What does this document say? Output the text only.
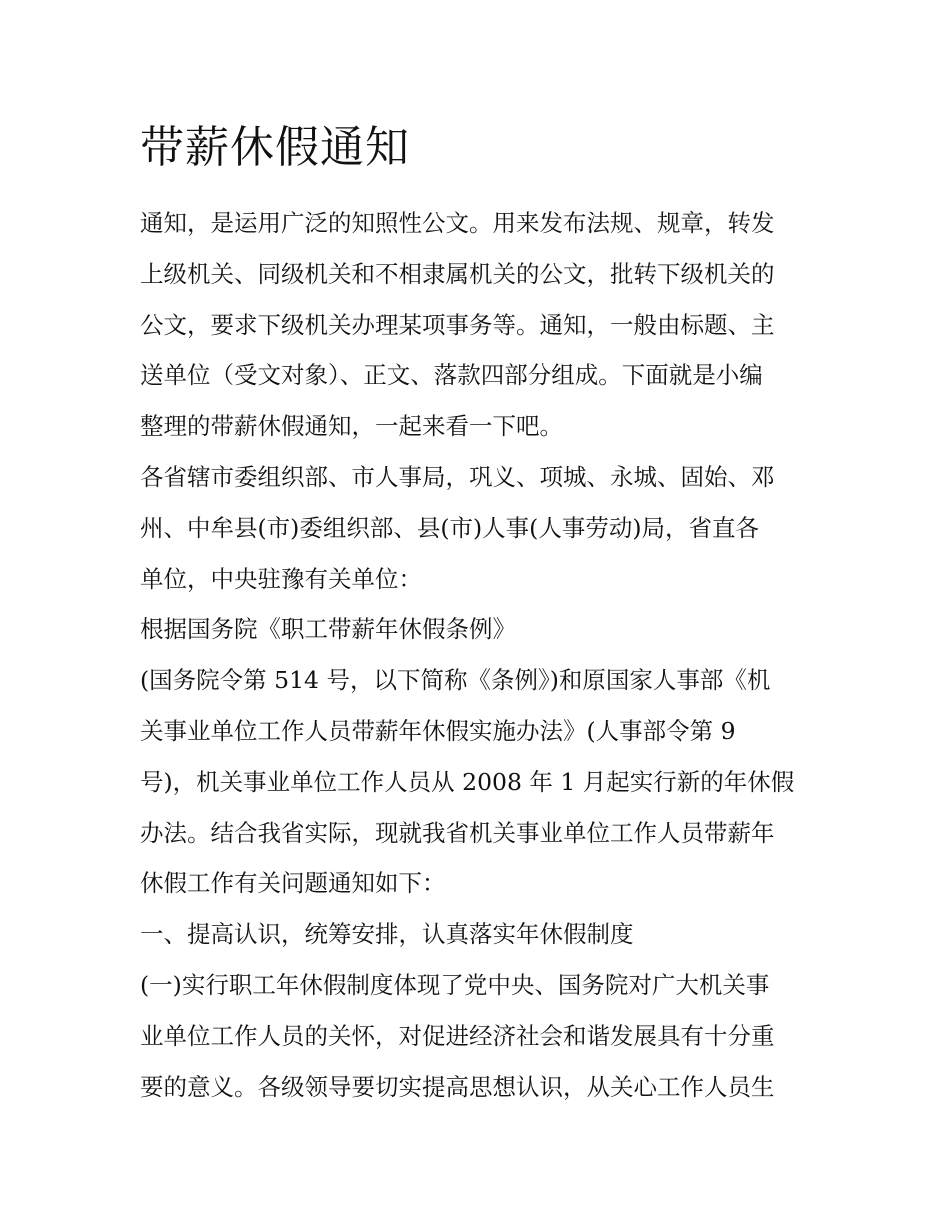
带薪休假通知
通知，是运用广泛的知照性公文。用来发布法规、规章，转发
上级机关、同级机关和不相隶属机关的公文，批转下级机关的
公文，要求下级机关办理某项事务等。通知，一般由标题、主
送单位（受文对象）、正文、落款四部分组成。下面就是小编
整理的带薪休假通知，一起来看一下吧。
各省辖市委组织部、市人事局，巩义、项城、永城、固始、邓
州、中牟县(市)委组织部、县(市)人事(人事劳动)局，省直各
单位，中央驻豫有关单位：
根据国务院《职工带薪年休假条例》
(国务院令第 514 号，以下简称《条例》)和原国家人事部《机
关事业单位工作人员带薪年休假实施办法》(人事部令第 9
号)，机关事业单位工作人员从 2008 年 1 月起实行新的年休假
办法。结合我省实际，现就我省机关事业单位工作人员带薪年
休假工作有关问题通知如下：
一、提高认识，统筹安排，认真落实年休假制度
(一)实行职工年休假制度体现了党中央、国务院对广大机关事
业单位工作人员的关怀，对促进经济社会和谐发展具有十分重
要的意义。各级领导要切实提高思想认识，从关心工作人员生
